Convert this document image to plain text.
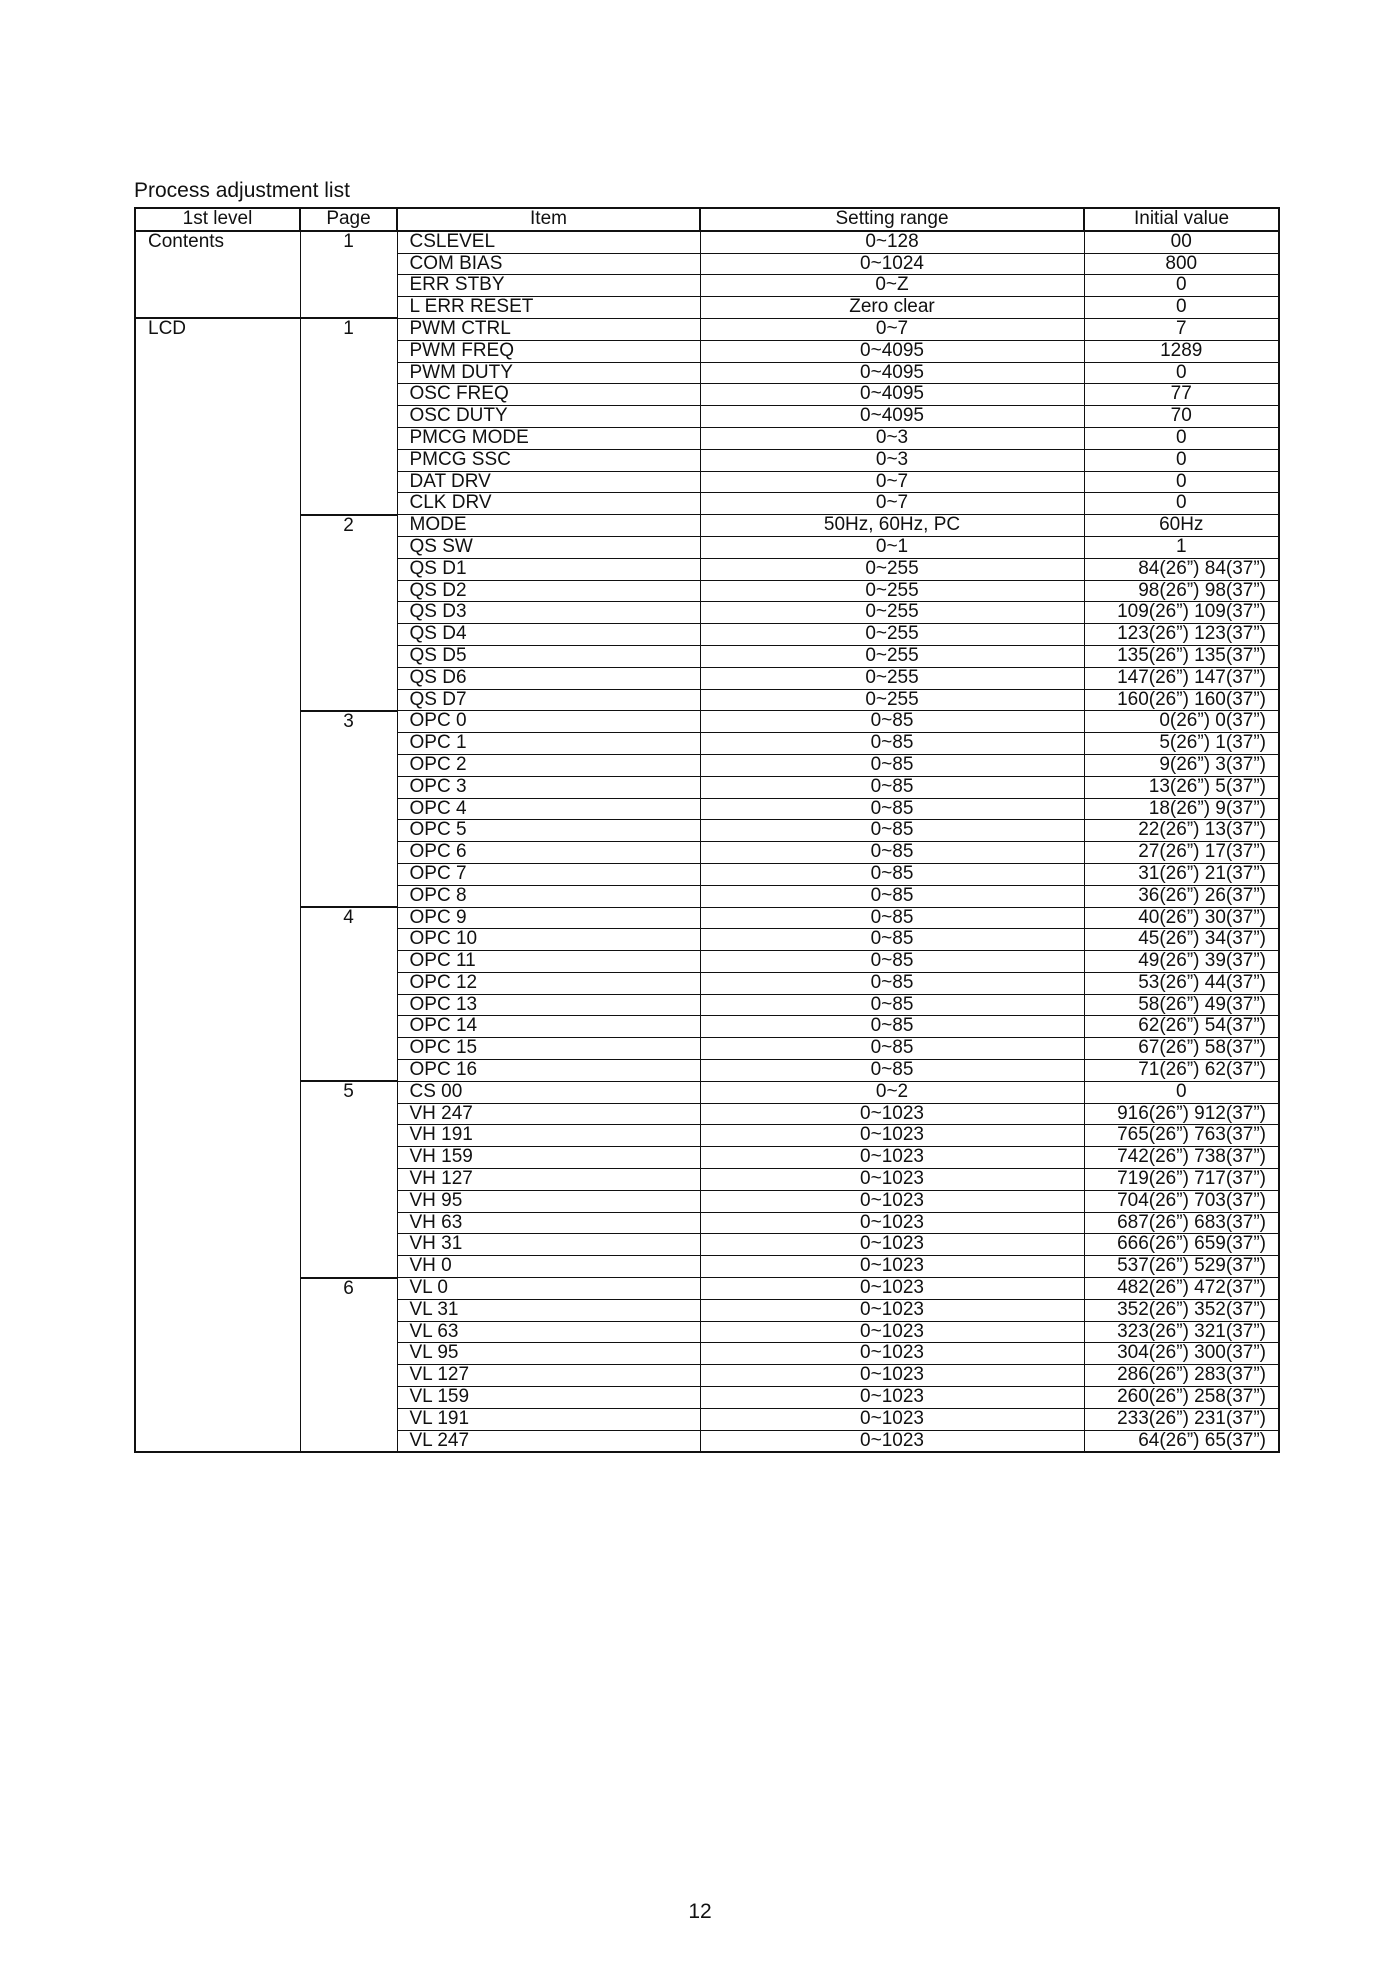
Process adjustment list
1st level	Page	Item	Setting range	Initial value
Contents	1	CSLEVEL	0~128	00
		COM BIAS	0~1024	800
		ERR STBY	0~Z	0
		L ERR RESET	Zero clear	0
LCD	1	PWM CTRL	0~7	7
		PWM FREQ	0~4095	1289
		PWM DUTY	0~4095	0
		OSC FREQ	0~4095	77
		OSC DUTY	0~4095	70
		PMCG MODE	0~3	0
		PMCG SSC	0~3	0
		DAT DRV	0~7	0
		CLK DRV	0~7	0
	2	MODE	50Hz, 60Hz, PC	60Hz
		QS SW	0~1	1
		QS D1	0~255	84(26”) 84(37”)
		QS D2	0~255	98(26”) 98(37”)
		QS D3	0~255	109(26”) 109(37”)
		QS D4	0~255	123(26”) 123(37”)
		QS D5	0~255	135(26”) 135(37”)
		QS D6	0~255	147(26”) 147(37”)
		QS D7	0~255	160(26”) 160(37”)
	3	OPC 0	0~85	0(26”) 0(37”)
		OPC 1	0~85	5(26”) 1(37”)
		OPC 2	0~85	9(26”) 3(37”)
		OPC 3	0~85	13(26”) 5(37”)
		OPC 4	0~85	18(26”) 9(37”)
		OPC 5	0~85	22(26”) 13(37”)
		OPC 6	0~85	27(26”) 17(37”)
		OPC 7	0~85	31(26”) 21(37”)
		OPC 8	0~85	36(26”) 26(37”)
	4	OPC 9	0~85	40(26”) 30(37”)
		OPC 10	0~85	45(26”) 34(37”)
		OPC 11	0~85	49(26”) 39(37”)
		OPC 12	0~85	53(26”) 44(37”)
		OPC 13	0~85	58(26”) 49(37”)
		OPC 14	0~85	62(26”) 54(37”)
		OPC 15	0~85	67(26”) 58(37”)
		OPC 16	0~85	71(26”) 62(37”)
	5	CS 00	0~2	0
		VH 247	0~1023	916(26”) 912(37”)
		VH 191	0~1023	765(26”) 763(37”)
		VH 159	0~1023	742(26”) 738(37”)
		VH 127	0~1023	719(26”) 717(37”)
		VH 95	0~1023	704(26”) 703(37”)
		VH 63	0~1023	687(26”) 683(37”)
		VH 31	0~1023	666(26”) 659(37”)
		VH 0	0~1023	537(26”) 529(37”)
	6	VL 0	0~1023	482(26”) 472(37”)
		VL 31	0~1023	352(26”) 352(37”)
		VL 63	0~1023	323(26”) 321(37”)
		VL 95	0~1023	304(26”) 300(37”)
		VL 127	0~1023	286(26”) 283(37”)
		VL 159	0~1023	260(26”) 258(37”)
		VL 191	0~1023	233(26”) 231(37”)
		VL 247	0~1023	64(26”) 65(37”)
12
